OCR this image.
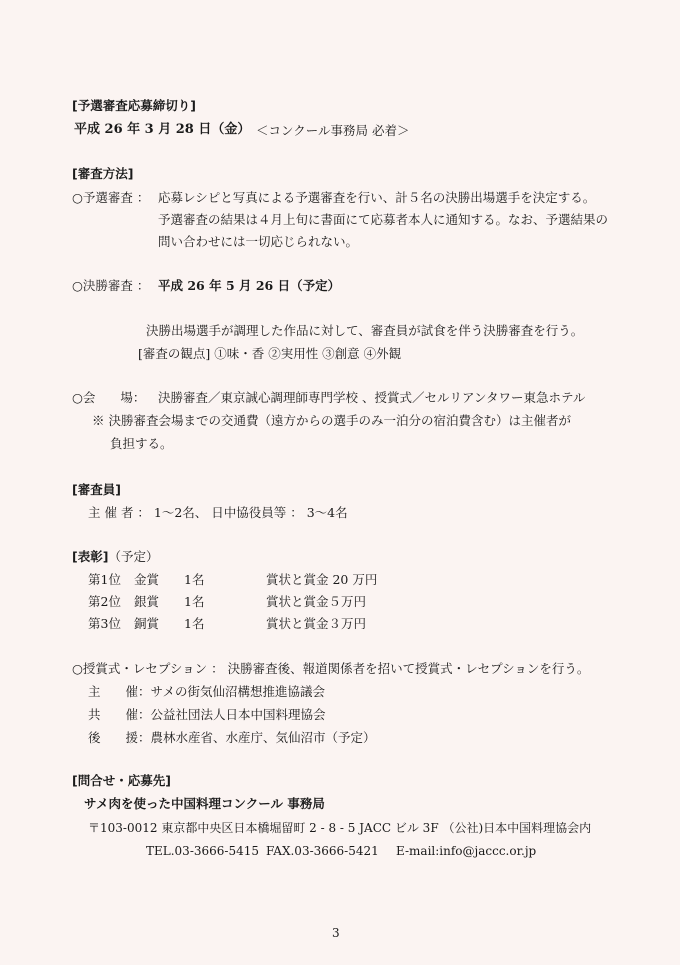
[予選審査応募締切り]
平成 26 年 3 月 28 日（金） ＜コンクール事務局 必着＞
[審査方法]
○予選審査 ： 応募レシピと写真による予選審査を行い、計５名の決勝出場選手を決定する。
予選審査の結果は４月上旬に書面にて応募者本人に通知する。なお、予選結果の
問い合わせには一切応じられない。
○決勝審査 ： 平成 26 年 5 月 26 日（予定）
決勝出場選手が調理した作品に対して、審査員が試食を伴う決勝審査を行う。
[審査の観点] ①味・香 ②実用性 ③創意 ④外観
○会　　場： 決勝審査／東京誠心調理師専門学校 、授賞式／セルリアンタワー東急ホテル
※ 決勝審査会場までの交通費（遠方からの選手のみ一泊分の宿泊費含む）は主催者が
負担する。
[審査員]
主 催 者 ： 1～2名、 日中協役員等 ： 3～4名
[表彰]（予定）
第1位 金賞 1名	賞状と賞金 20 万円
第2位 銀賞 1名	賞状と賞金５万円
第3位 銅賞 1名	賞状と賞金３万円
○授賞式・レセプション ： 決勝審査後、報道関係者を招いて授賞式・レセプションを行う。
主　　催：サメの街気仙沼構想推進協議会
共　　催：公益社団法人日本中国料理協会
後　　援：農林水産省、水産庁、気仙沼市（予定）
[問合せ・応募先]
サメ肉を使った中国料理コンクール 事務局
〒103-0012 東京都中央区日本橋堀留町 2 - 8 - 5 JACC ビル 3F （公社)日本中国料理協会内
TEL.03-3666-5415 FAX.03-3666-5421 E-mail:info@jaccc.or.jp
3
